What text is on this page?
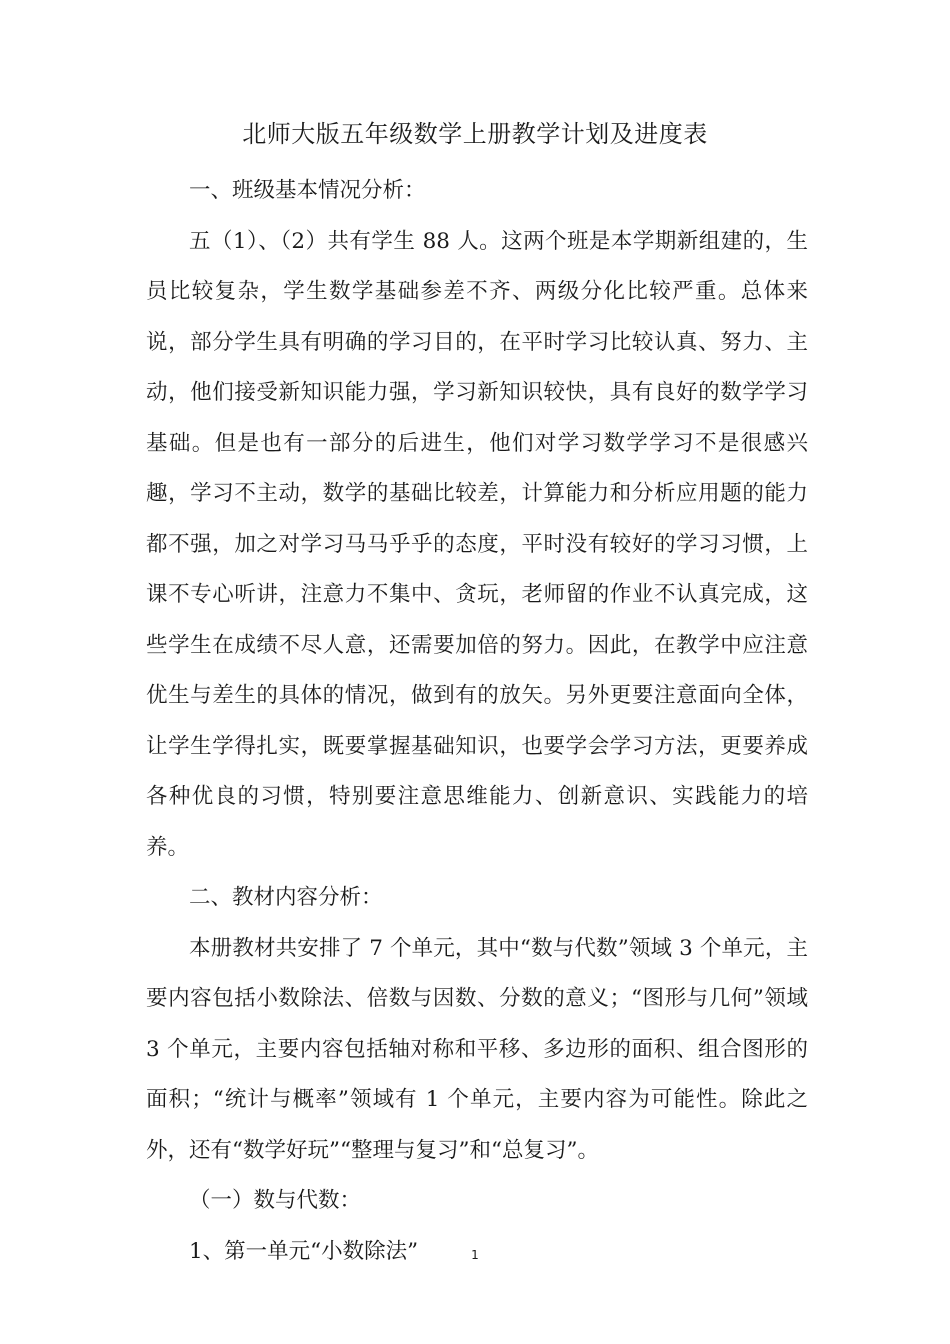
北师大版五年级数学上册教学计划及进度表

一、班级基本情况分析：

五（1）、（2）共有学生 88 人。这两个班是本学期新组建的，生员比较复杂，学生数学基础参差不齐、两级分化比较严重。总体来说，部分学生具有明确的学习目的，在平时学习比较认真、努力、主动，他们接受新知识能力强，学习新知识较快，具有良好的数学学习基础。但是也有一部分的后进生，他们对学习数学学习不是很感兴趣，学习不主动，数学的基础比较差，计算能力和分析应用题的能力都不强，加之对学习马马乎乎的态度，平时没有较好的学习习惯，上课不专心听讲，注意力不集中、贪玩，老师留的作业不认真完成，这些学生在成绩不尽人意，还需要加倍的努力。因此，在教学中应注意优生与差生的具体的情况，做到有的放矢。另外更要注意面向全体，让学生学得扎实，既要掌握基础知识，也要学会学习方法，更要养成各种优良的习惯，特别要注意思维能力、创新意识、实践能力的培养。

二、教材内容分析：

本册教材共安排了 7 个单元，其中“数与代数”领域 3 个单元，主要内容包括小数除法、倍数与因数、分数的意义；“图形与几何”领域 3 个单元，主要内容包括轴对称和平移、多边形的面积、组合图形的面积；“统计与概率”领域有 1 个单元，主要内容为可能性。除此之外，还有“数学好玩”“整理与复习”和“总复习”。

（一）数与代数：

1、第一单元“小数除法”	1
